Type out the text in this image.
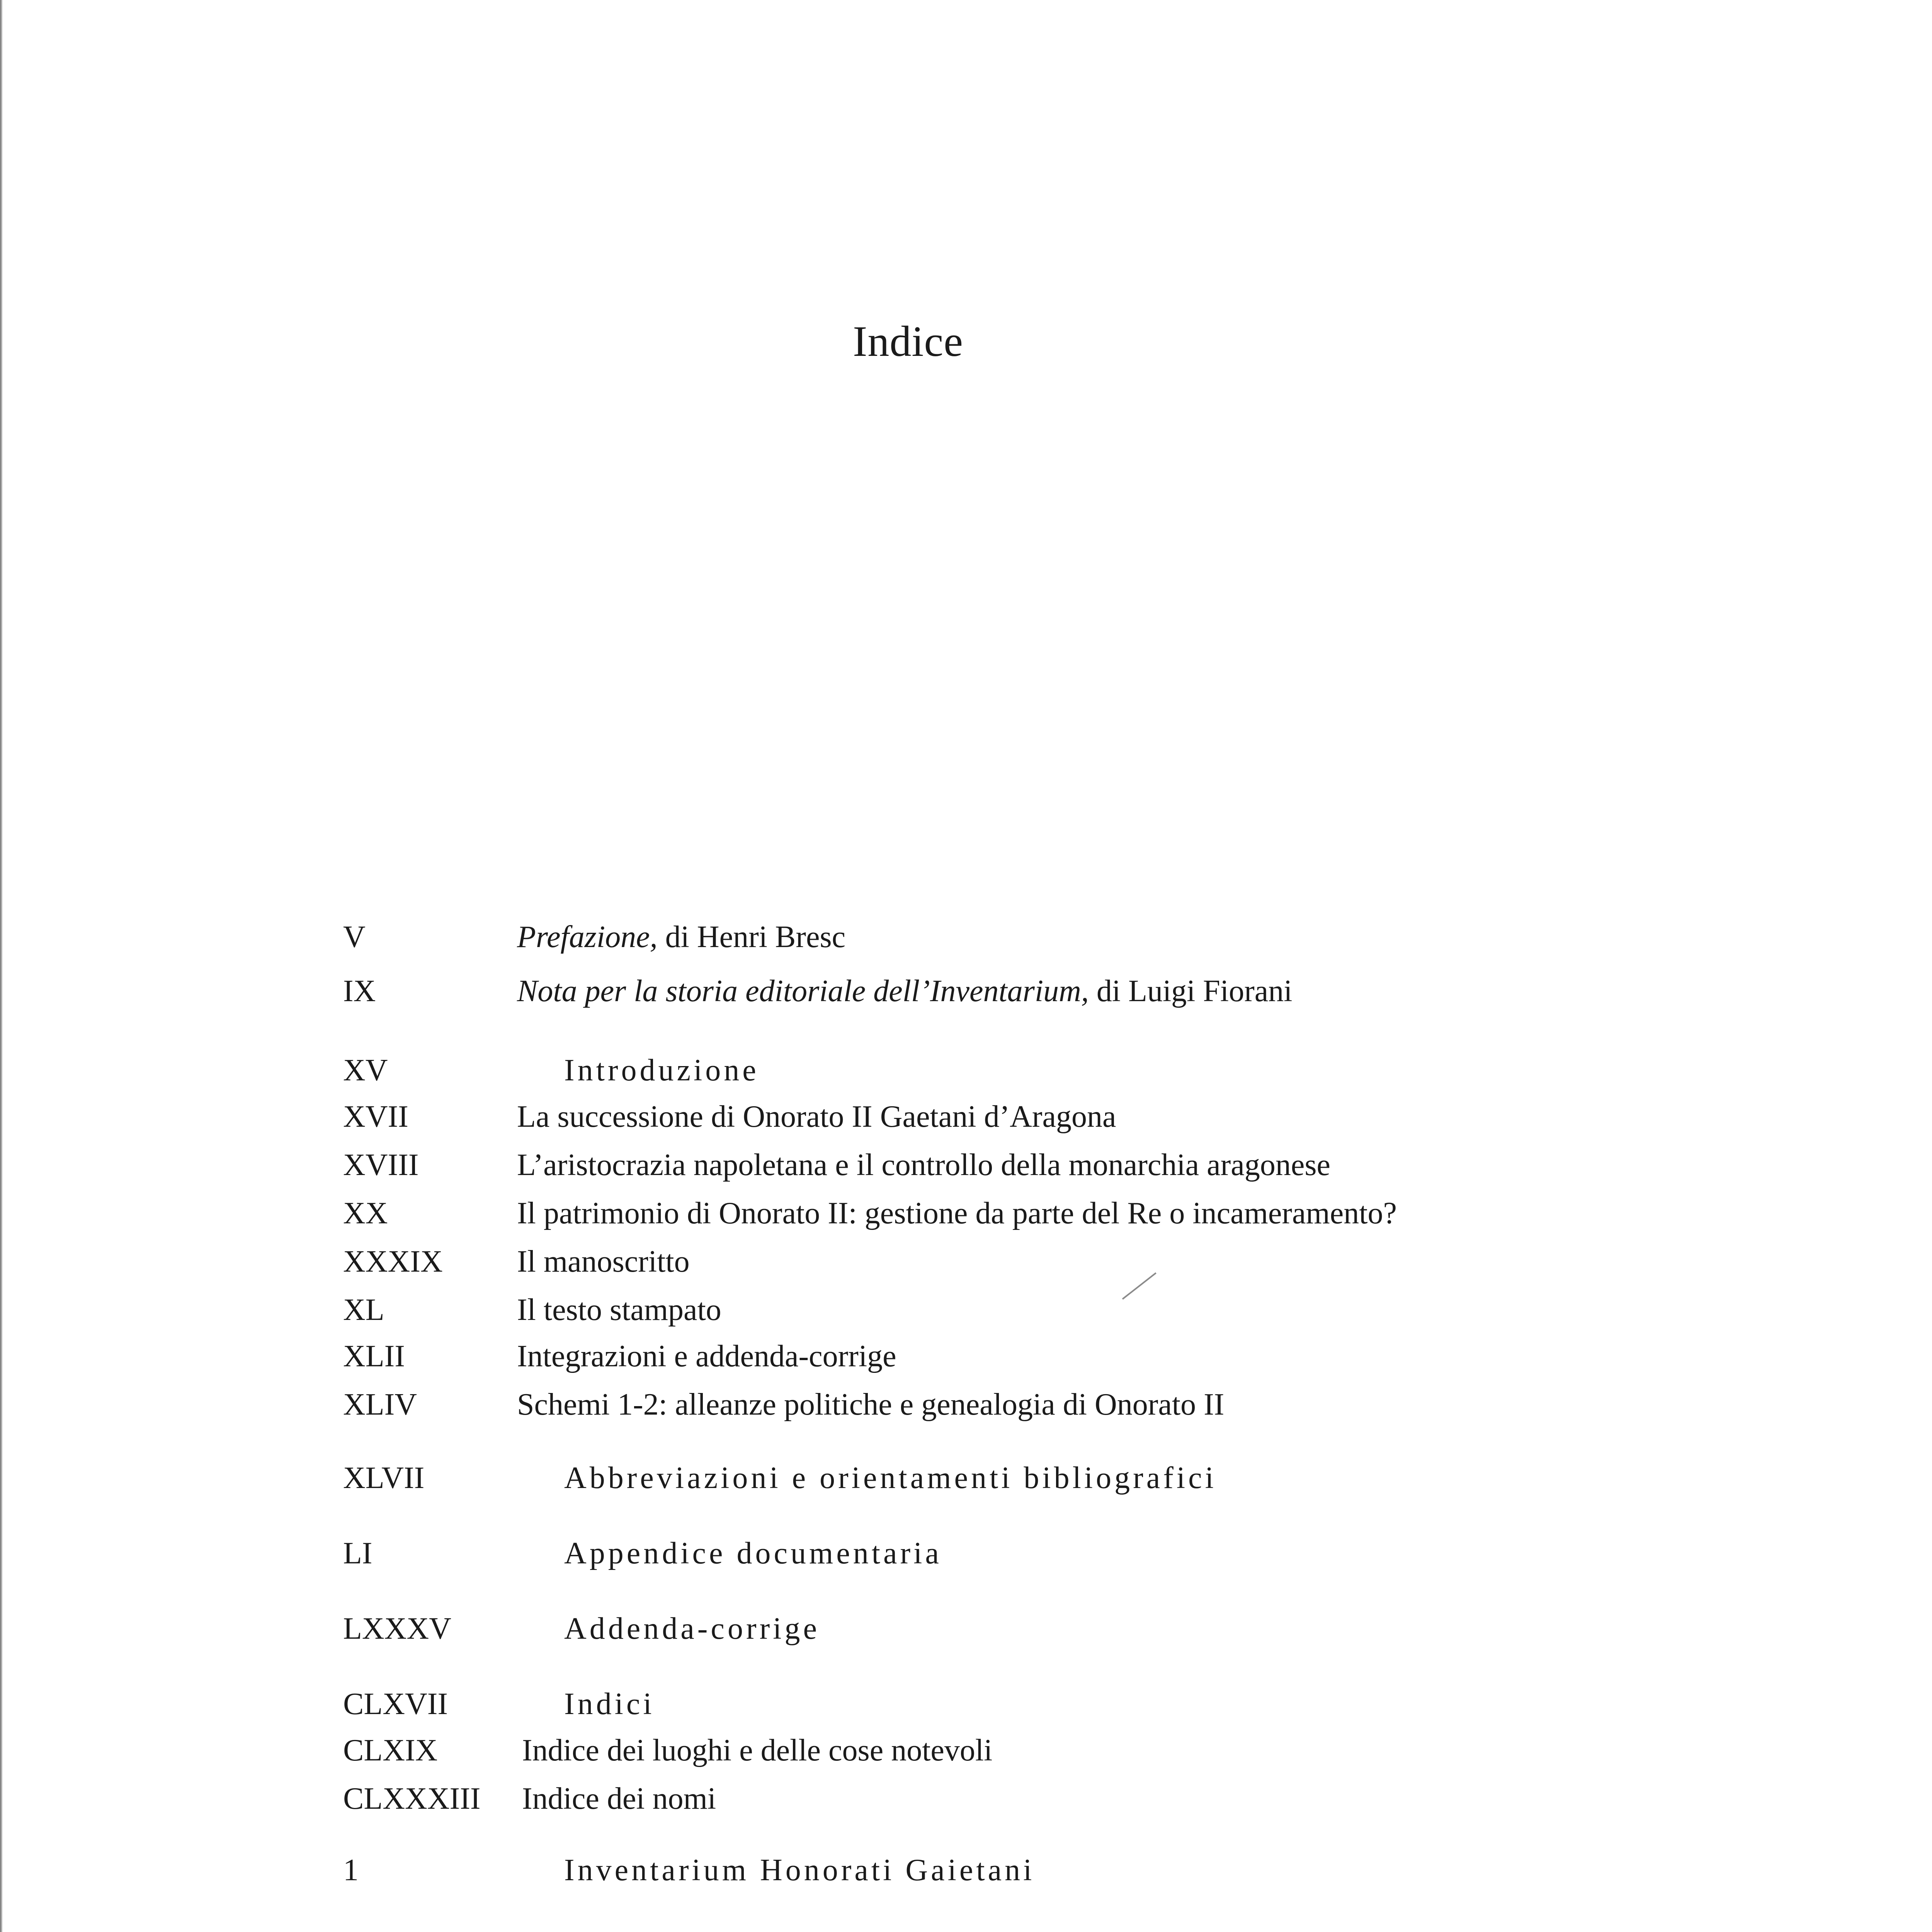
Indice
V	Prefazione, di Henri Bresc
IX	Nota per la storia editoriale dell’Inventarium, di Luigi Fiorani
XV	Introduzione
XVII	La successione di Onorato II Gaetani d’Aragona
XVIII	L’aristocrazia napoletana e il controllo della monarchia aragonese
XX	Il patrimonio di Onorato II: gestione da parte del Re o incameramento?
XXXIX Il manoscritto
XL	Il testo stampato
XLII	Integrazioni e addenda-corrige
XLIV	Schemi 1-2: alleanze politiche e genealogia di Onorato II
XLVII	Abbreviazioni e orientamenti bibliografici
LI	Appendice documentaria
LXXXV	Addenda-corrige
CLXVII	Indici
CLXIX	Indice dei luoghi e delle cose notevoli
CLXXXIII Indice dei nomi
1	Inventarium Honorati Gaietani
